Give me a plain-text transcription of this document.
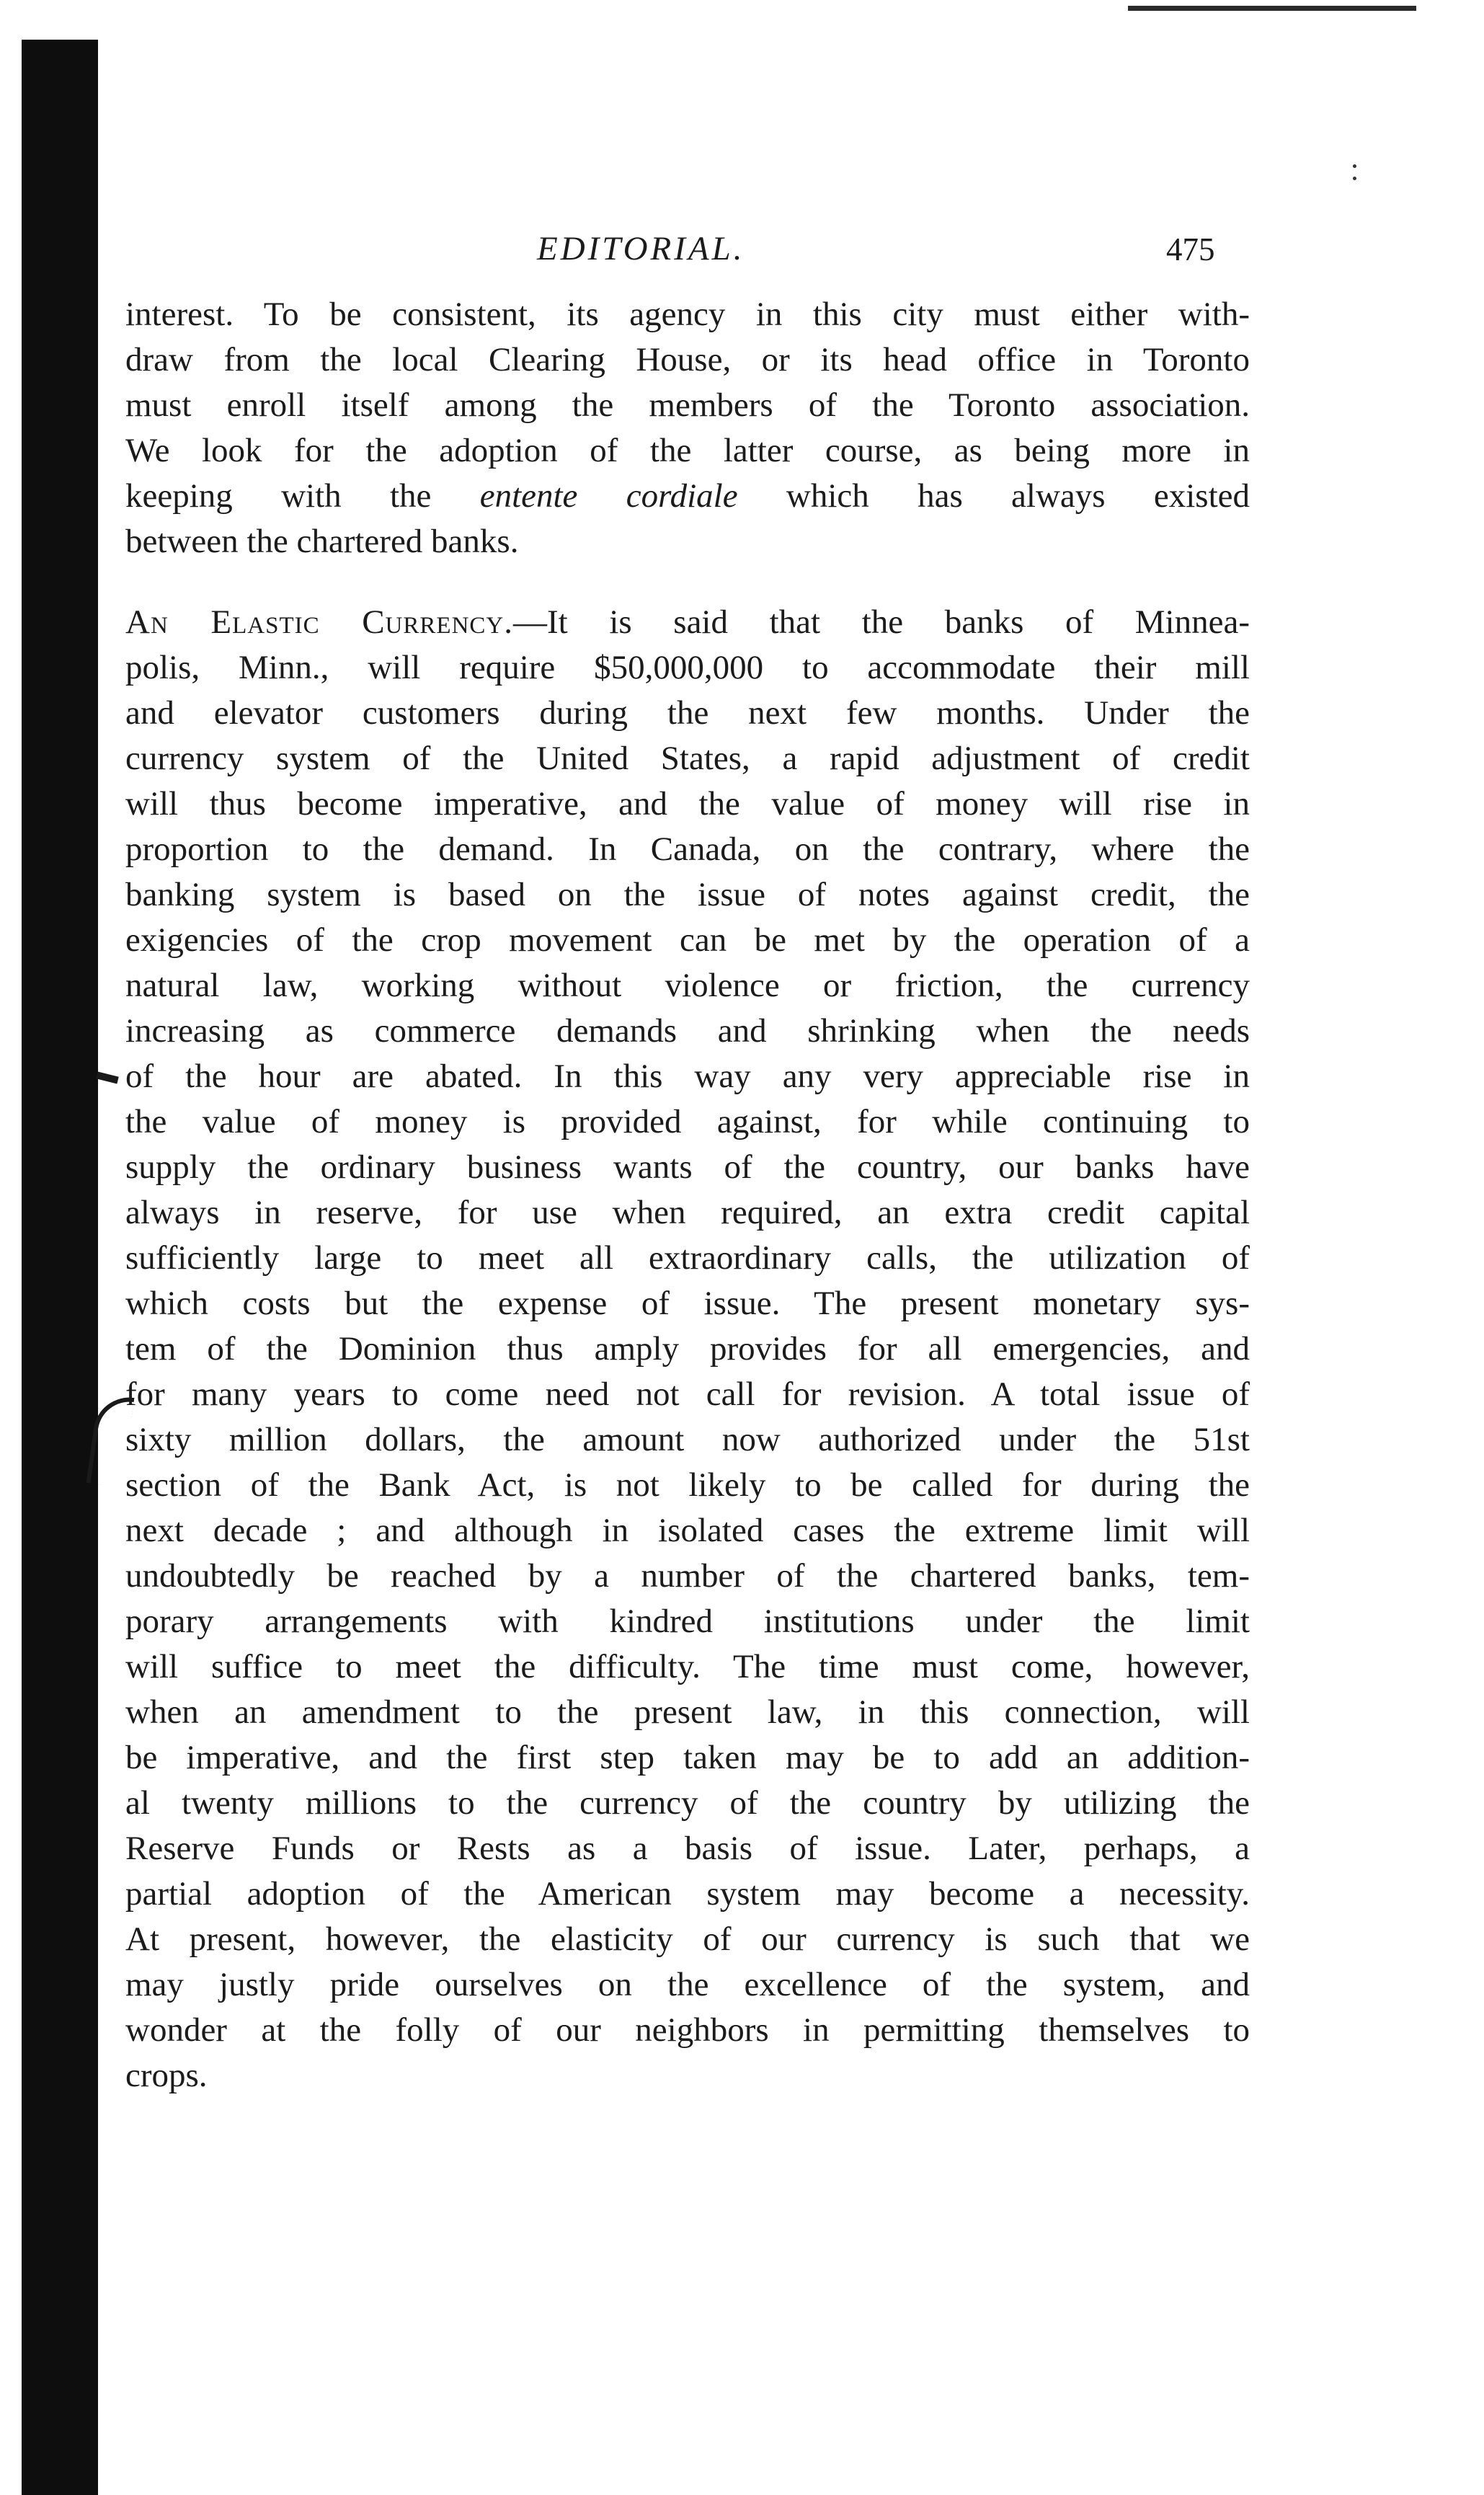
EDITORIAL.	475
interest. To be consistent, its agency in this city must either with-
draw from the local Clearing House, or its head office in Toronto
must enroll itself among the members of the Toronto association.
We look for the adoption of the latter course, as being more in
keeping with the entente cordiale which has always existed
between the chartered banks.
An Elastic Currency.—It is said that the banks of Minnea-
polis, Minn., will require $50,000,000 to accommodate their mill
and elevator customers during the next few months. Under the
currency system of the United States, a rapid adjustment of credit
will thus become imperative, and the value of money will rise in
proportion to the demand. In Canada, on the contrary, where the
banking system is based on the issue of notes against credit, the
exigencies of the crop movement can be met by the operation of a
natural law, working without violence or friction, the currency
increasing as commerce demands and shrinking when the needs
of the hour are abated. In this way any very appreciable rise in
the value of money is provided against, for while continuing to
supply the ordinary business wants of the country, our banks have
always in reserve, for use when required, an extra credit capital
sufficiently large to meet all extraordinary calls, the utilization of
which costs but the expense of issue. The present monetary sys-
tem of the Dominion thus amply provides for all emergencies, and
for many years to come need not call for revision. A total issue of
sixty million dollars, the amount now authorized under the 51st
section of the Bank Act, is not likely to be called for during the
next decade ; and although in isolated cases the extreme limit will
undoubtedly be reached by a number of the chartered banks, tem-
porary arrangements with kindred institutions under the limit
will suffice to meet the difficulty. The time must come, however,
when an amendment to the present law, in this connection, will
be imperative, and the first step taken may be to add an addition-
al twenty millions to the currency of the country by utilizing the
Reserve Funds or Rests as a basis of issue. Later, perhaps, a
partial adoption of the American system may become a necessity.
At present, however, the elasticity of our currency is such that we
may justly pride ourselves on the excellence of the system, and
wonder at the folly of our neighbors in permitting themselves to
crops.
